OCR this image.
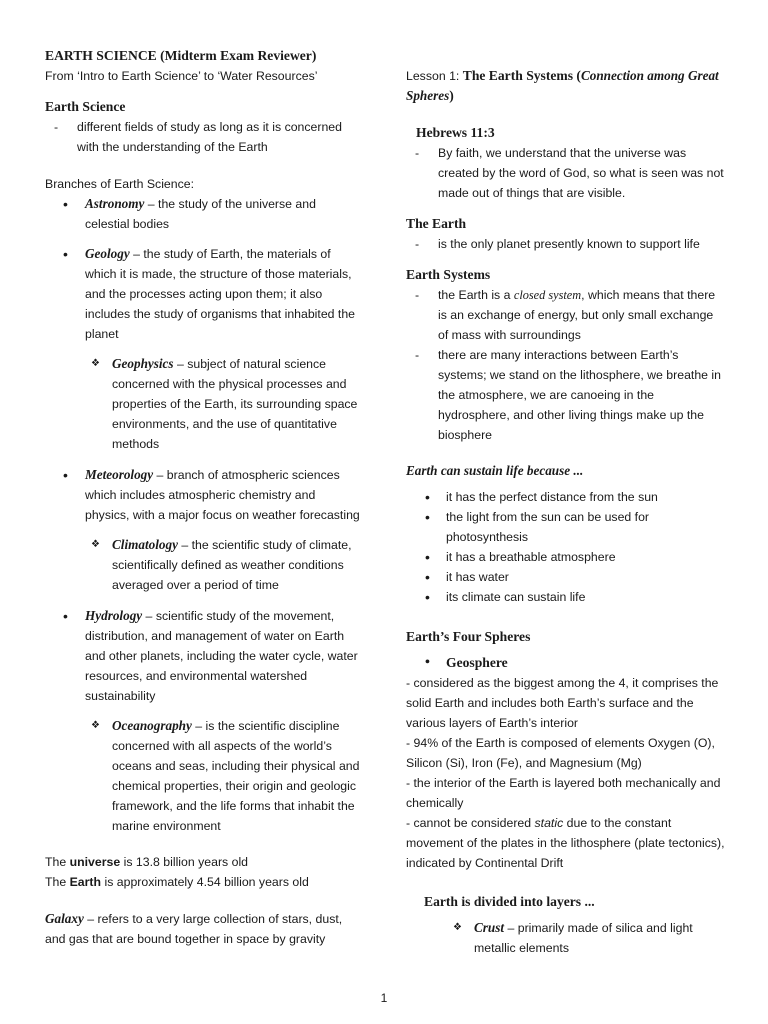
EARTH SCIENCE (Midterm Exam Reviewer)
From ‘Intro to Earth Science’ to ‘Water Resources’
Earth Science
- different fields of study as long as it is concerned with the understanding of the Earth
Branches of Earth Science:
• Astronomy – the study of the universe and celestial bodies
• Geology – the study of Earth, the materials of which it is made, the structure of those materials, and the processes acting upon them; it also includes the study of organisms that inhabited the planet
❖ Geophysics – subject of natural science concerned with the physical processes and properties of the Earth, its surrounding space environments, and the use of quantitative methods
• Meteorology – branch of atmospheric sciences which includes atmospheric chemistry and physics, with a major focus on weather forecasting
❖ Climatology – the scientific study of climate, scientifically defined as weather conditions averaged over a period of time
• Hydrology – scientific study of the movement, distribution, and management of water on Earth and other planets, including the water cycle, water resources, and environmental watershed sustainability
❖ Oceanography – is the scientific discipline concerned with all aspects of the world’s oceans and seas, including their physical and chemical properties, their origin and geologic framework, and the life forms that inhabit the marine environment
The universe is 13.8 billion years old
The Earth is approximately 4.54 billion years old
Galaxy – refers to a very large collection of stars, dust, and gas that are bound together in space by gravity
Lesson 1: The Earth Systems (Connection among Great Spheres)
Hebrews 11:3
- By faith, we understand that the universe was created by the word of God, so what is seen was not made out of things that are visible.
The Earth
- is the only planet presently known to support life
Earth Systems
- the Earth is a closed system, which means that there is an exchange of energy, but only small exchange of mass with surroundings
- there are many interactions between Earth’s systems; we stand on the lithosphere, we breathe in the atmosphere, we are canoeing in the hydrosphere, and other living things make up the biosphere
Earth can sustain life because ...
• it has the perfect distance from the sun
• the light from the sun can be used for photosynthesis
• it has a breathable atmosphere
• it has water
• its climate can sustain life
Earth’s Four Spheres
• Geosphere
- considered as the biggest among the 4, it comprises the solid Earth and includes both Earth’s surface and the various layers of Earth’s interior
- 94% of the Earth is composed of elements Oxygen (O), Silicon (Si), Iron (Fe), and Magnesium (Mg)
- the interior of the Earth is layered both mechanically and chemically
- cannot be considered static due to the constant movement of the plates in the lithosphere (plate tectonics), indicated by Continental Drift
Earth is divided into layers ...
❖ Crust – primarily made of silica and light metallic elements
1
